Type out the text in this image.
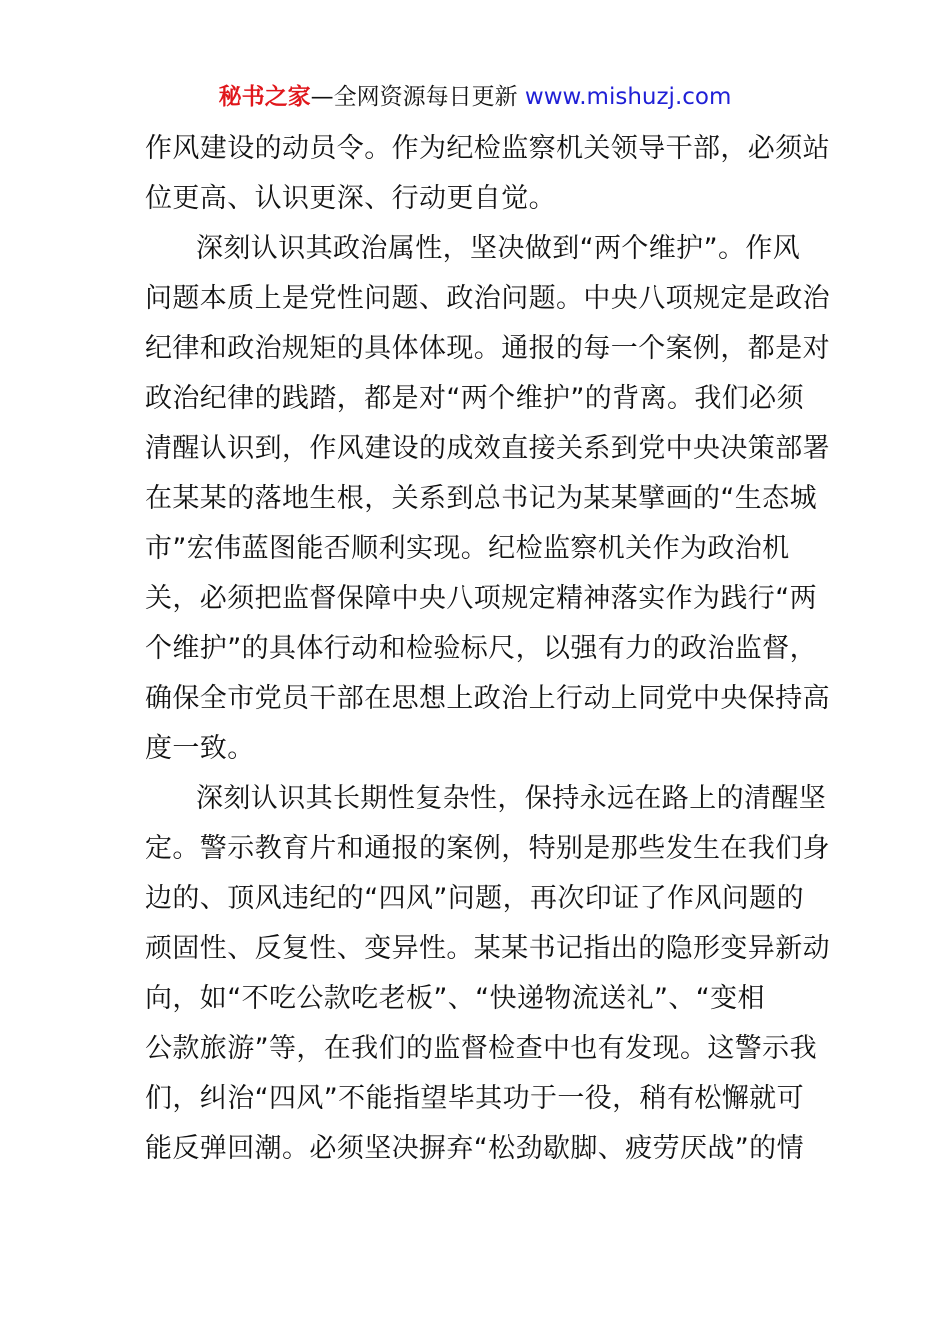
秘书之家—全网资源每日更新 www.mishuzj.com
作风建设的动员令。作为纪检监察机关领导干部，必须站
位更高、认识更深、行动更自觉。
深刻认识其政治属性，坚决做到“两个维护”。作风
问题本质上是党性问题、政治问题。中央八项规定是政治
纪律和政治规矩的具体体现。通报的每一个案例，都是对
政治纪律的践踏，都是对“两个维护”的背离。我们必须
清醒认识到，作风建设的成效直接关系到党中央决策部署
在某某的落地生根，关系到总书记为某某擘画的“生态城
市”宏伟蓝图能否顺利实现。纪检监察机关作为政治机
关，必须把监督保障中央八项规定精神落实作为践行“两
个维护”的具体行动和检验标尺，以强有力的政治监督，
确保全市党员干部在思想上政治上行动上同党中央保持高
度一致。
深刻认识其长期性复杂性，保持永远在路上的清醒坚
定。警示教育片和通报的案例，特别是那些发生在我们身
边的、顶风违纪的“四风”问题，再次印证了作风问题的
顽固性、反复性、变异性。某某书记指出的隐形变异新动
向，如“不吃公款吃老板”、“快递物流送礼”、“变相
公款旅游”等，在我们的监督检查中也有发现。这警示我
们，纠治“四风”不能指望毕其功于一役，稍有松懈就可
能反弹回潮。必须坚决摒弃“松劲歇脚、疲劳厌战”的情
